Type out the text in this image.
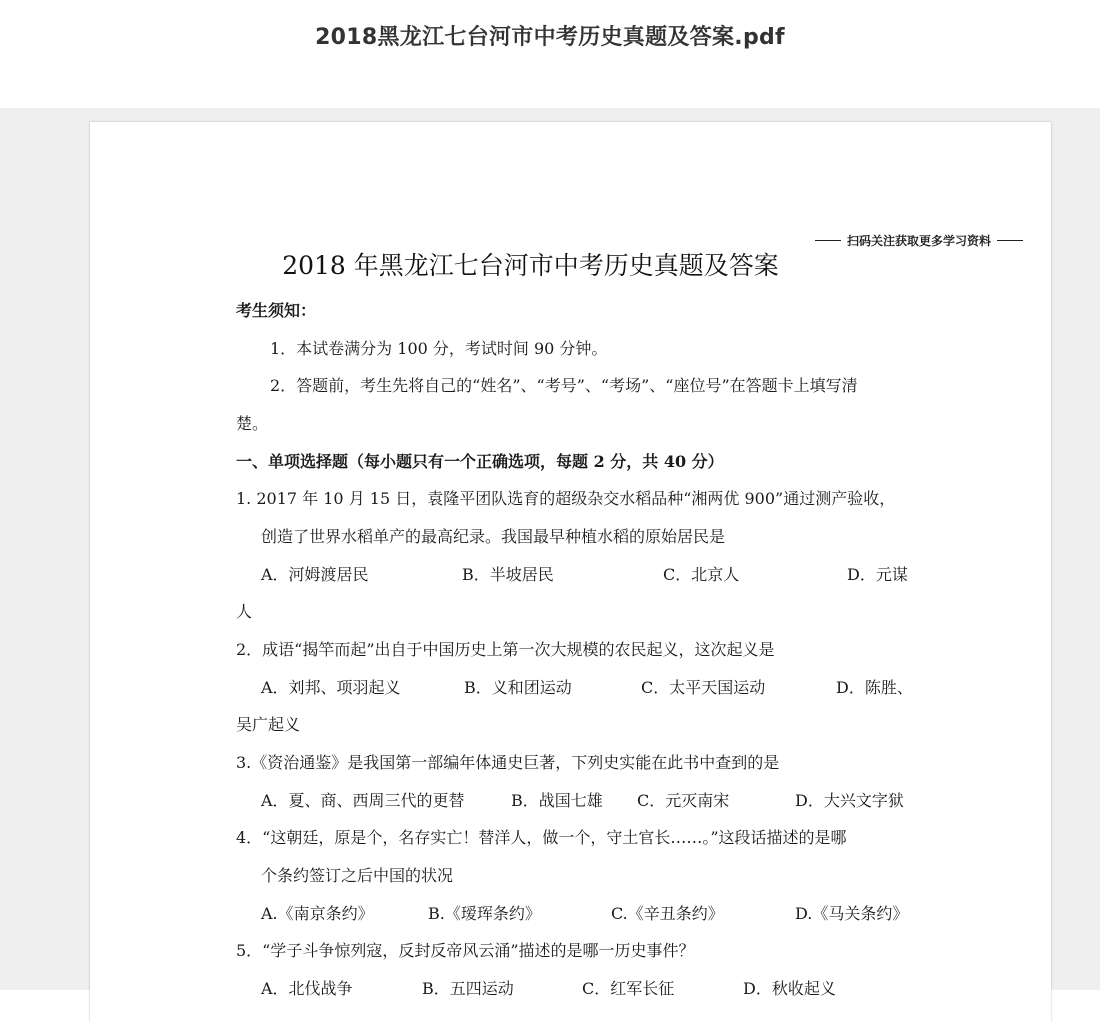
2018黑龙江七台河市中考历史真题及答案.pdf
扫码关注获取更多学习资料
2018 年黑龙江七台河市中考历史真题及答案
考生须知：
1．本试卷满分为 100 分，考试时间 90 分钟。
2．答题前，考生先将自己的“姓名”、“考号”、“考场”、“座位号”在答题卡上填写清
楚。
一、单项选择题（每小题只有一个正确选项，每题 2 分，共 40 分）
1. 2017 年 10 月 15 日，袁隆平团队选育的超级杂交水稻品种“湘两优 900”通过测产验收，
创造了世界水稻单产的最高纪录。我国最早种植水稻的原始居民是
A．河姆渡居民	B．半坡居民	C．北京人	D．元谋
人
2．成语“揭竿而起”出自于中国历史上第一次大规模的农民起义，这次起义是
A．刘邦、项羽起义	B．义和团运动	C．太平天国运动	D．陈胜、
吴广起义
3.《资治通鉴》是我国第一部编年体通史巨著，下列史实能在此书中查到的是
A．夏、商、西周三代的更替	B．战国七雄 C．元灭南宋	D．大兴文字狱
4．“这朝廷，原是个，名存实亡！替洋人，做一个，守土官长……。”这段话描述的是哪
个条约签订之后中国的状况
A.《南京条约》	B.《瑷珲条约》	C.《辛丑条约》	D.《马关条约》
5．“学子斗争惊列寇，反封反帝风云涌”描述的是哪一历史事件？
A．北伐战争	B．五四运动	C．红军长征	D．秋收起义
